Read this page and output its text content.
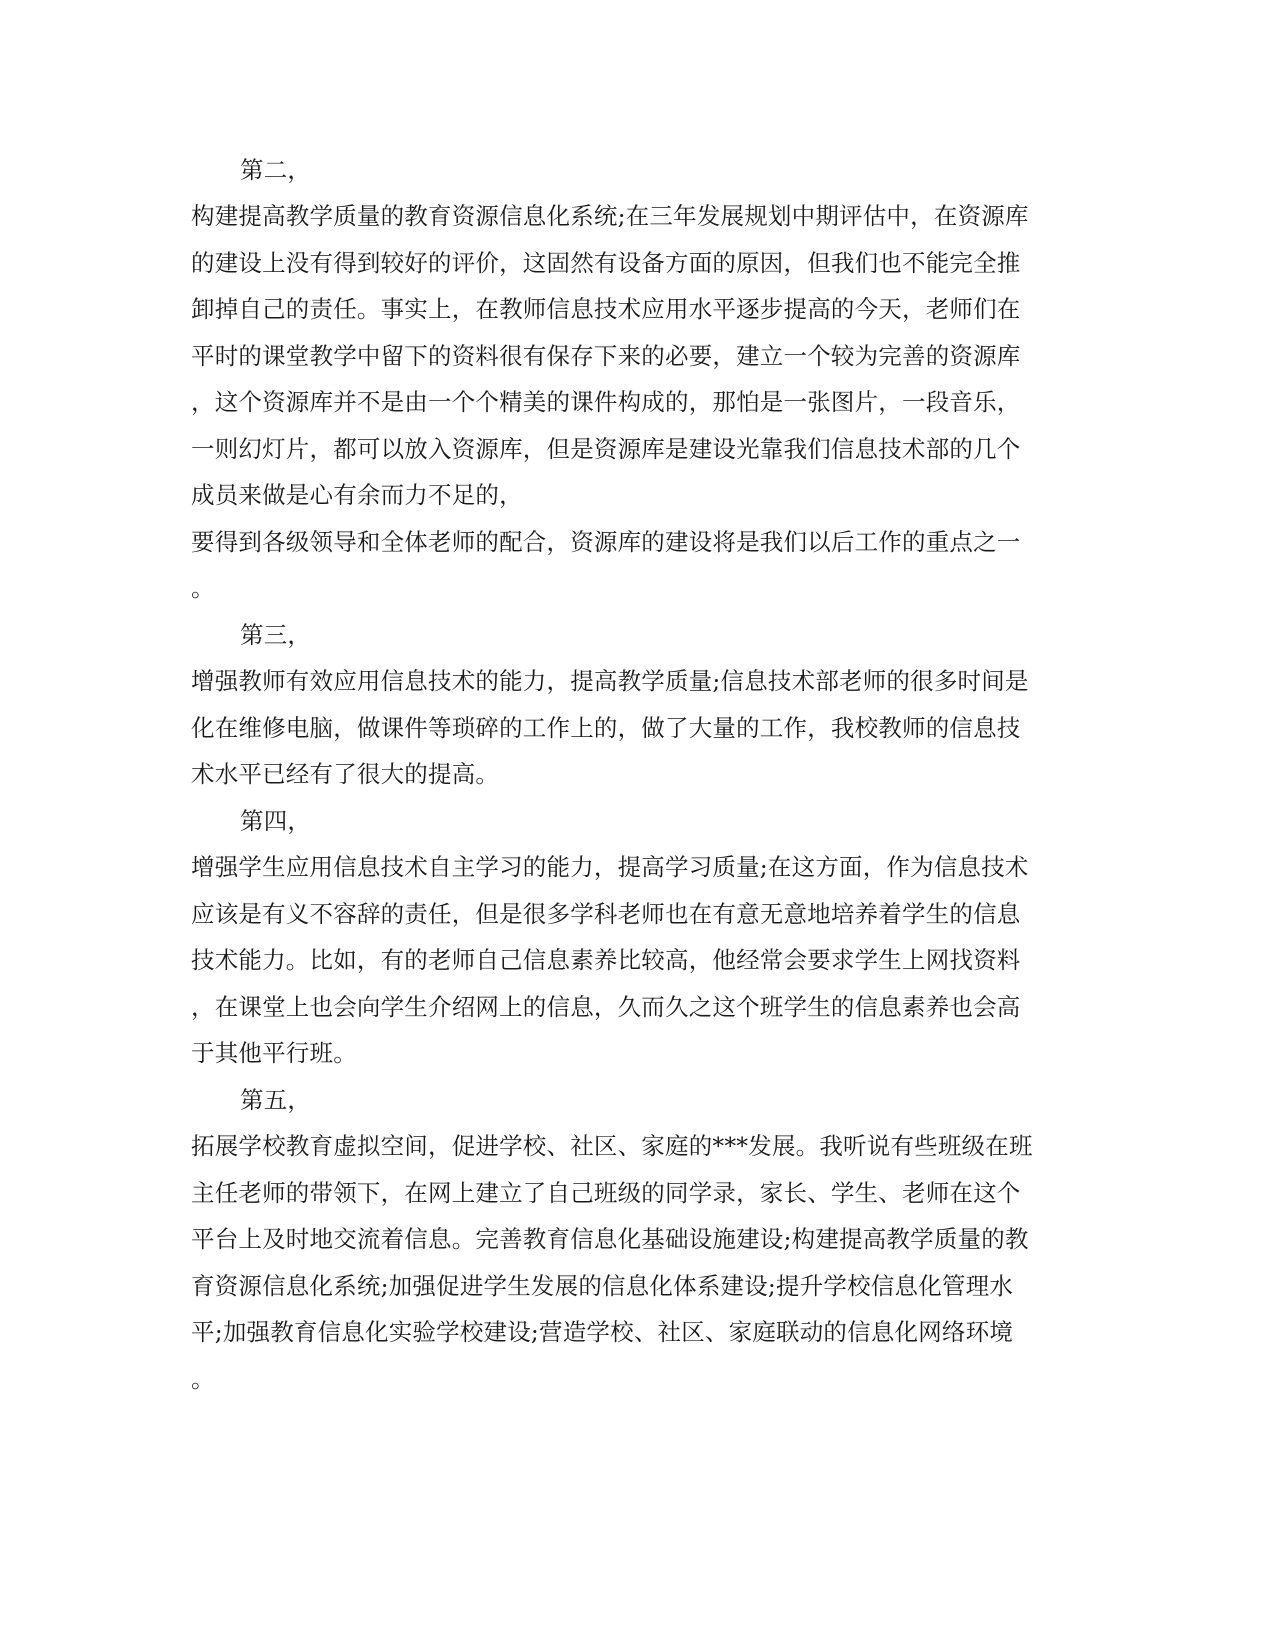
第二，
构建提高教学质量的教育资源信息化系统;在三年发展规划中期评估中，在资源库
的建设上没有得到较好的评价，这固然有设备方面的原因，但我们也不能完全推
卸掉自己的责任。事实上，在教师信息技术应用水平逐步提高的今天，老师们在
平时的课堂教学中留下的资料很有保存下来的必要，建立一个较为完善的资源库
，这个资源库并不是由一个个精美的课件构成的，那怕是一张图片，一段音乐，
一则幻灯片，都可以放入资源库，但是资源库是建设光靠我们信息技术部的几个
成员来做是心有余而力不足的，
要得到各级领导和全体老师的配合，资源库的建设将是我们以后工作的重点之一
。
第三，
增强教师有效应用信息技术的能力，提高教学质量;信息技术部老师的很多时间是
化在维修电脑，做课件等琐碎的工作上的，做了大量的工作，我校教师的信息技
术水平已经有了很大的提高。
第四，
增强学生应用信息技术自主学习的能力，提高学习质量;在这方面，作为信息技术
应该是有义不容辞的责任，但是很多学科老师也在有意无意地培养着学生的信息
技术能力。比如，有的老师自己信息素养比较高，他经常会要求学生上网找资料
，在课堂上也会向学生介绍网上的信息，久而久之这个班学生的信息素养也会高
于其他平行班。
第五，
拓展学校教育虚拟空间，促进学校、社区、家庭的***发展。我听说有些班级在班
主任老师的带领下，在网上建立了自己班级的同学录，家长、学生、老师在这个
平台上及时地交流着信息。完善教育信息化基础设施建设;构建提高教学质量的教
育资源信息化系统;加强促进学生发展的信息化体系建设;提升学校信息化管理水
平;加强教育信息化实验学校建设;营造学校、社区、家庭联动的信息化网络环境
。
